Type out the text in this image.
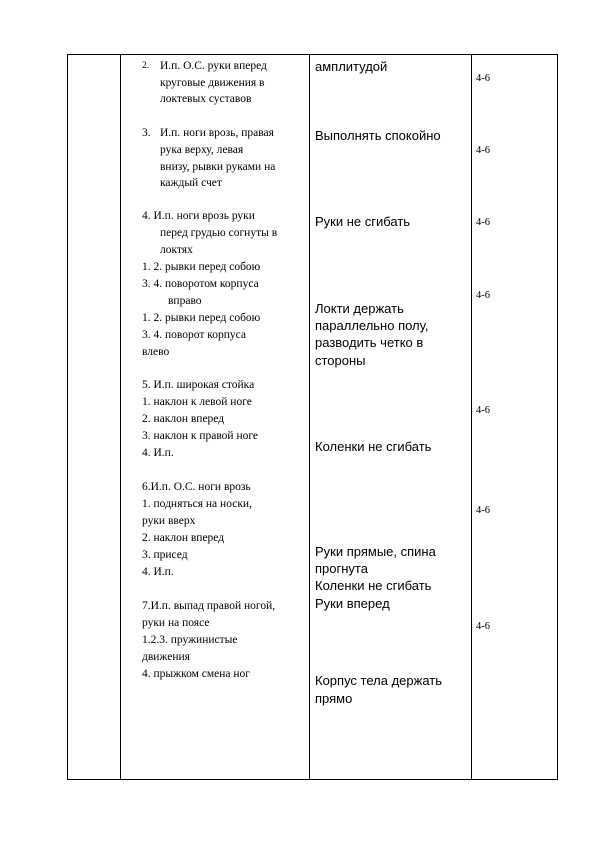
2. И.п. О.С. руки вперед
круговые движения в
локтевых суставов
3. И.п. ноги врозь, правая
рука верху, левая
внизу, рывки руками на
каждый счет
4. И.п. ноги врозь руки
перед грудью согнуты в
локтях
1. 2. рывки перед собою
3. 4. поворотом корпуса
вправо
1. 2. рывки перед собою
3. 4. поворот корпуса
влево
5. И.п. широкая стойка
1. наклон к левой ноге
2. наклон вперед
3. наклон к правой ноге
4. И.п.
6.И.п. О.С. ноги врозь
1. подняться на носки,
руки вверх
2. наклон вперед
3. присед
4. И.п.
7.И.п. выпад правой ногой,
руки на поясе
1.2.3. пружинистые
движения
4. прыжком смена ног
амплитудой
Выполнять спокойно
Руки не сгибать
Локти держать
параллельно полу,
разводить четко в
стороны
Коленки не сгибать
Руки прямые, спина
прогнута
Коленки не сгибать
Руки вперед
Корпус тела держать
прямо
4-6
4-6
4-6
4-6
4-6
4-6
4-6
